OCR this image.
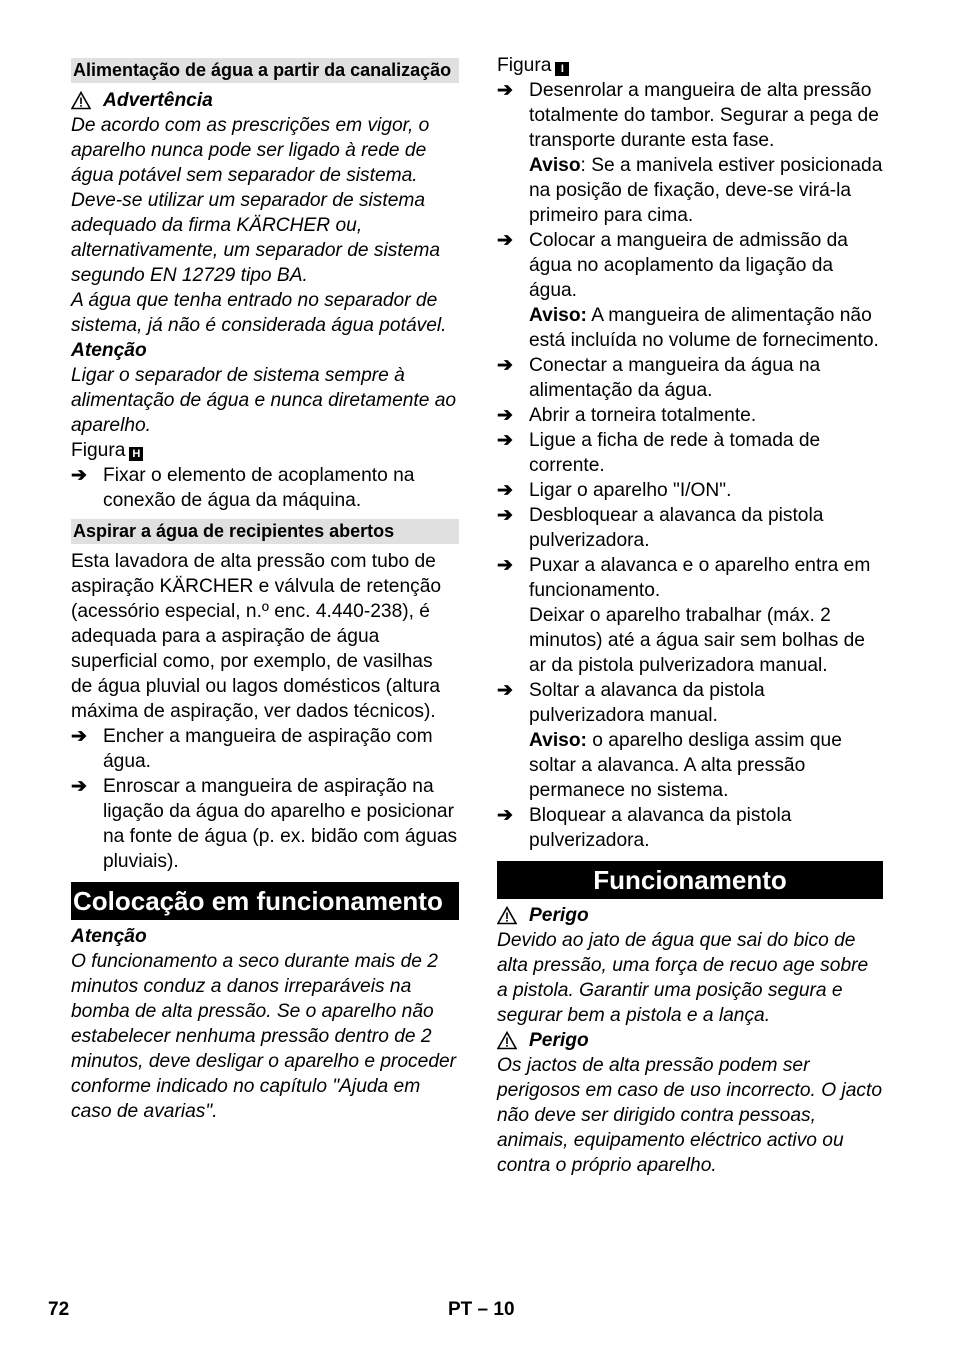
Alimentação de água a partir da canalização
Advertência

De acordo com as prescrições em vigor, o aparelho nunca pode ser ligado à rede de água potável sem separador de sistema. Deve-se utilizar um separador de sistema adequado da firma KÄRCHER ou, alternativamente, um separador de sistema segundo EN 12729 tipo BA.

A água que tenha entrado no separador de sistema, já não é considerada água potável.

Atenção

Ligar o separador de sistema sempre à alimentação de água e nunca diretamente ao aparelho.

Figura H

➔ Fixar o elemento de acoplamento na conexão de água da máquina.
Aspirar a água de recipientes abertos

Esta lavadora de alta pressão com tubo de aspiração KÄRCHER e válvula de retenção (acessório especial, n.º enc. 4.440-238), é adequada para a aspiração de água superficial como, por exemplo, de vasilhas de água pluvial ou lagos domésticos (altura máxima de aspiração, ver dados técnicos).

➔ Encher a mangueira de aspiração com água.
➔ Enroscar a mangueira de aspiração na ligação da água do aparelho e posicionar na fonte de água (p. ex. bidão com águas pluviais).
Colocação em funcionamento

Atenção

O funcionamento a seco durante mais de 2 minutos conduz a danos irreparáveis na bomba de alta pressão. Se o aparelho não estabelecer nenhuma pressão dentro de 2 minutos, deve desligar o aparelho e proceder conforme indicado no capítulo "Ajuda em caso de avarias".

Figura I

➔ Desenrolar a mangueira de alta pressão totalmente do tambor. Segurar a pega de transporte durante esta fase.

Aviso: Se a manivela estiver posicionada na posição de fixação, deve-se virá-la primeiro para cima.

➔ Colocar a mangueira de admissão da água no acoplamento da ligação da água.

Aviso: A mangueira de alimentação não está incluída no volume de fornecimento.

➔ Conectar a mangueira da água na alimentação da água.
➔ Abrir a torneira totalmente.
➔ Ligue a ficha de rede à tomada de corrente.
➔ Ligar o aparelho "I/ON".
➔ Desbloquear a alavanca da pistola pulverizadora.
➔ Puxar a alavanca e o aparelho entra em funcionamento.

Deixar o aparelho trabalhar (máx. 2 minutos) até a água sair sem bolhas de ar da pistola pulverizadora manual.

➔ Soltar a alavanca da pistola pulverizadora manual.

Aviso: o aparelho desliga assim que soltar a alavanca. A alta pressão permanece no sistema.

➔ Bloquear a alavanca da pistola pulverizadora.
Funcionamento
Perigo

Devido ao jato de água que sai do bico de alta pressão, uma força de recuo age sobre a pistola. Garantir uma posição segura e segurar bem a pistola e a lança.

Perigo

Os jactos de alta pressão podem ser perigosos em caso de uso incorrecto. O jacto não deve ser dirigido contra pessoas, animais, equipamento eléctrico activo ou contra o próprio aparelho.

72	PT – 10
